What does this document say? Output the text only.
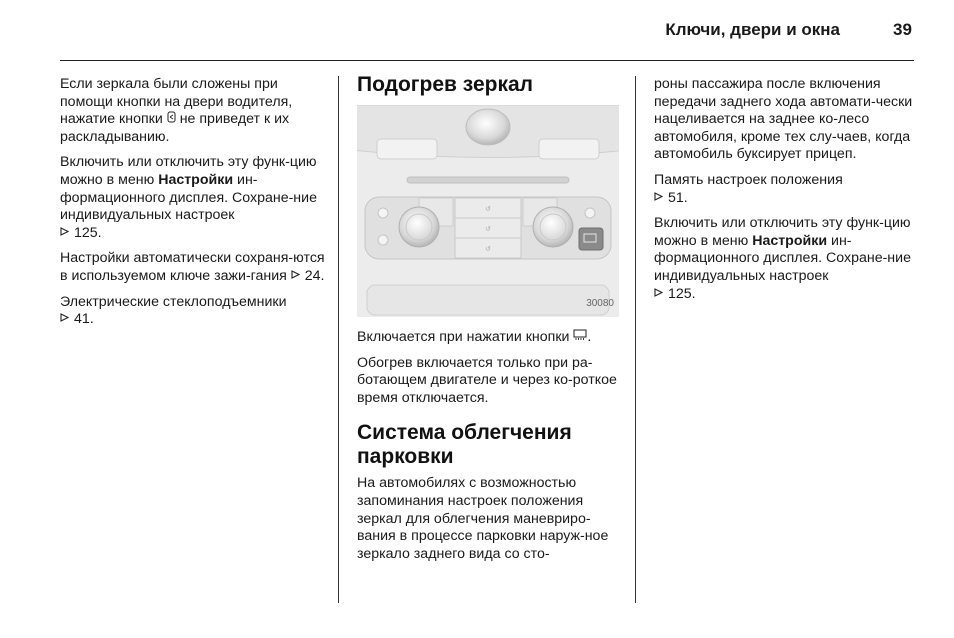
Ключи, двери и окна	39

Если зеркала были сложены при помощи кнопки на двери водителя, нажатие кнопки не приведет к их раскладыванию.

Включить или отключить эту функ-цию можно в меню Настройки ин-формационного дисплея. Сохране-ние индивидуальных настроек
125.

Настройки автоматически сохраня-ются в используемом ключе зажи-гания 24.

Электрические стеклоподъемники
41.

Подогрев зеркал
↺
↺
↺
30080

Включается при нажатии кнопки .

Обогрев включается только при ра-ботающем двигателе и через ко-роткое время отключается.

Система облегчения
парковки

На автомобилях с возможностью запоминания настроек положения зеркал для облегчения маневриро-вания в процессе парковки наруж-ное зеркало заднего вида со сто-

роны пассажира после включения передачи заднего хода автомати-чески нацеливается на заднее ко-лесо автомобиля, кроме тех слу-чаев, когда автомобиль буксирует прицеп.

Память настроек положения
51.

Включить или отключить эту функ-цию можно в меню Настройки ин-формационного дисплея. Сохране-ние индивидуальных настроек
125.
